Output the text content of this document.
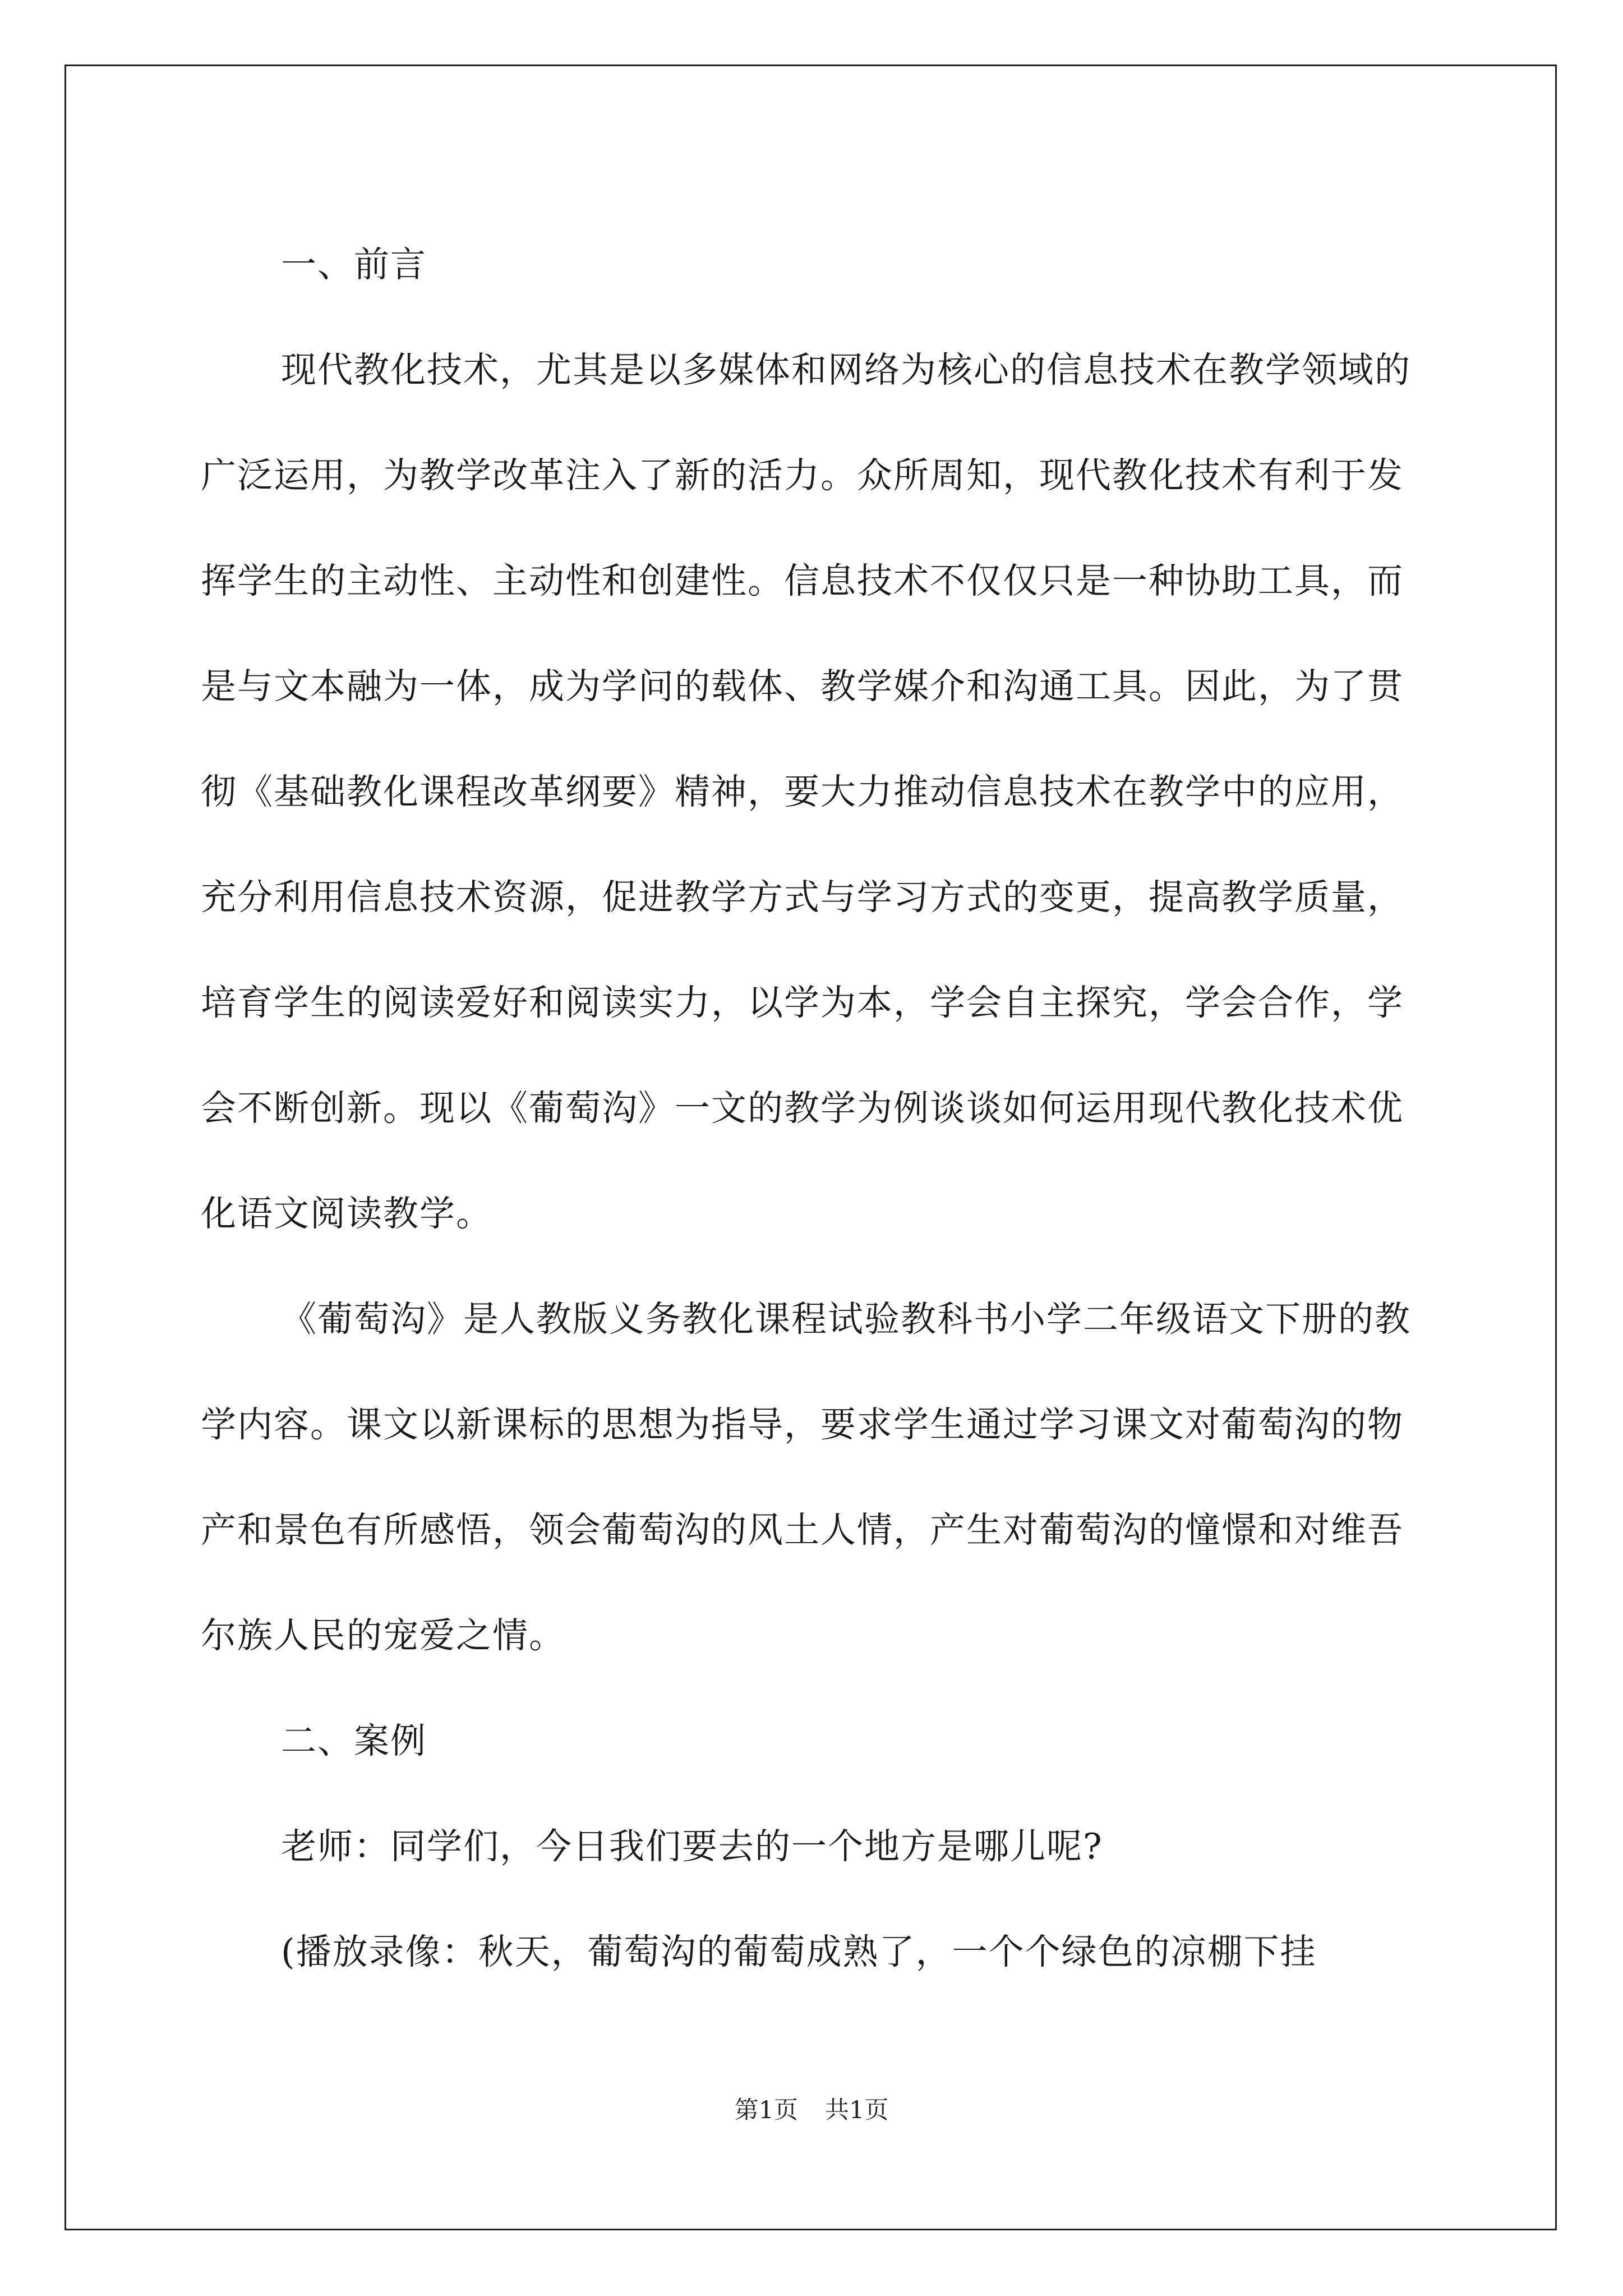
一、前言

现代教化技术，尤其是以多媒体和网络为核心的信息技术在教学领域的广泛运用，为教学改革注入了新的活力。众所周知，现代教化技术有利于发挥学生的主动性、主动性和创建性。信息技术不仅仅只是一种协助工具，而是与文本融为一体，成为学问的载体、教学媒介和沟通工具。因此，为了贯彻《基础教化课程改革纲要》精神，要大力推动信息技术在教学中的应用，充分利用信息技术资源，促进教学方式与学习方式的变更，提高教学质量，培育学生的阅读爱好和阅读实力，以学为本，学会自主探究，学会合作，学会不断创新。现以《葡萄沟》一文的教学为例谈谈如何运用现代教化技术优化语文阅读教学。

《葡萄沟》是人教版义务教化课程试验教科书小学二年级语文下册的教学内容。课文以新课标的思想为指导，要求学生通过学习课文对葡萄沟的物产和景色有所感悟，领会葡萄沟的风土人情，产生对葡萄沟的憧憬和对维吾尔族人民的宠爱之情。

二、案例

老师：同学们，今日我们要去的一个地方是哪儿呢?

(播放录像：秋天，葡萄沟的葡萄成熟了，一个个绿色的凉棚下挂

第1页 共1页
